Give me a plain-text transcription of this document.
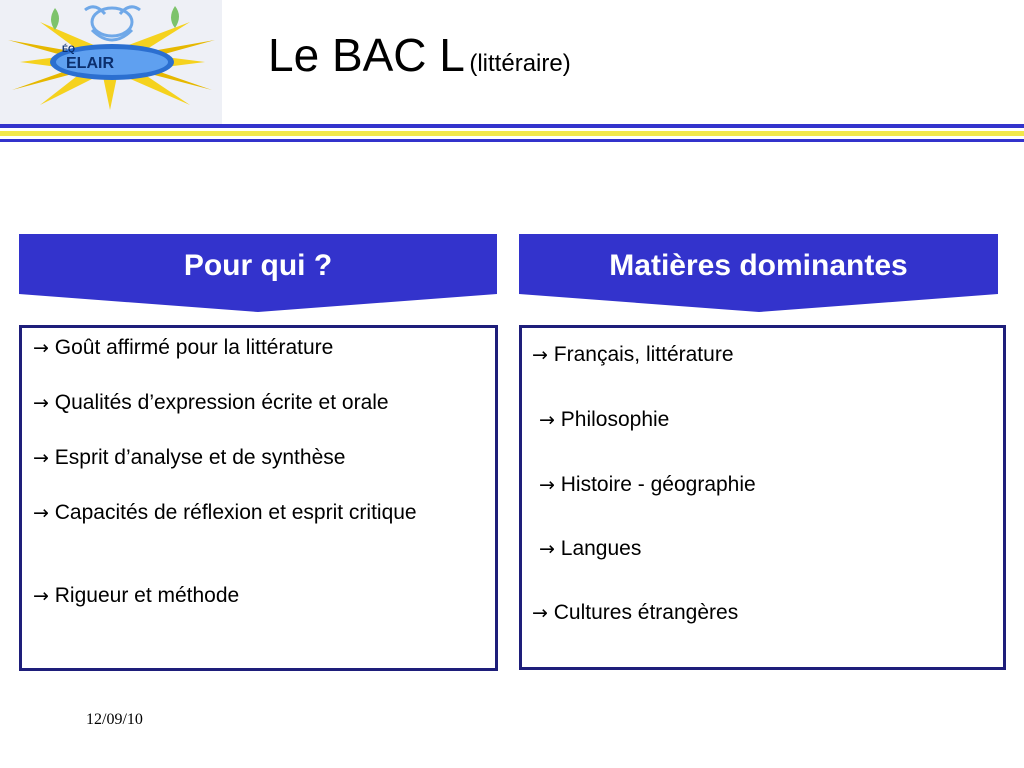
ELAIR
ÉQ	Le BAC L (littéraire)
Pour qui ?	Matières dominantes
→ Goût affirmé pour la littérature
→ Qualités d’expression écrite et orale
→ Esprit d’analyse et de synthèse
→ Capacités de réflexion et esprit critique
→ Rigueur et méthode
→ Français, littérature
→ Philosophie
→ Histoire - géographie
→ Langues
→ Cultures étrangères
12/09/10
